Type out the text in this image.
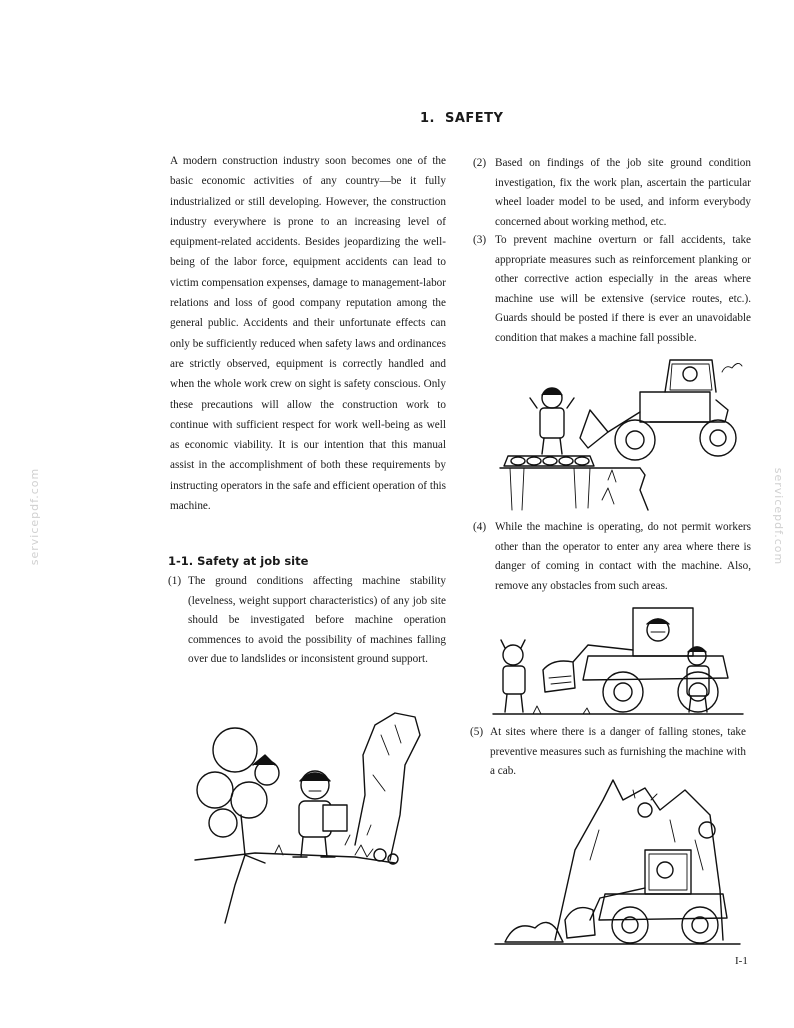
1. SAFETY
A modern construction industry soon becomes one of the basic economic activities of any country—be it fully industrialized or still developing. However, the construction industry everywhere is prone to an increasing level of equipment-related accidents. Besides jeopardizing the well-being of the labor force, equipment accidents can lead to victim compensation expenses, damage to management-labor relations and loss of good company reputation among the general public. Accidents and their unfortunate effects can only be sufficiently reduced when safety laws and ordinances are strictly observed, equipment is correctly handled and when the whole work crew on sight is safety conscious. Only these precautions will allow the construction work to continue with sufficient respect for work well-being as well as economic viability. It is our intention that this manual assist in the accomplishment of both these requirements by instructing operators in the safe and efficient operation of this machine.
1-1. Safety at job site
(1) The ground conditions affecting machine stability (levelness, weight support characteristics) of any job site should be investigated before machine operation commences to avoid the possibility of machines falling over due to landslides or inconsistent ground support.
(2) Based on findings of the job site ground condition investigation, fix the work plan, ascertain the particular wheel loader model to be used, and inform everybody concerned about working method, etc.
(3) To prevent machine overturn or fall accidents, take appropriate measures such as reinforcement planking or other corrective action especially in the areas where machine use will be extensive (service routes, etc.). Guards should be posted if there is ever an unavoidable condition that makes a machine fall possible.
(4) While the machine is operating, do not permit workers other than the operator to enter any area where there is danger of coming in contact with the machine. Also, remove any obstacles from such areas.
(5) At sites where there is a danger of falling stones, take preventive measures such as furnishing the machine with a cab.
I-1
servicepdf.com	servicepdf.com
